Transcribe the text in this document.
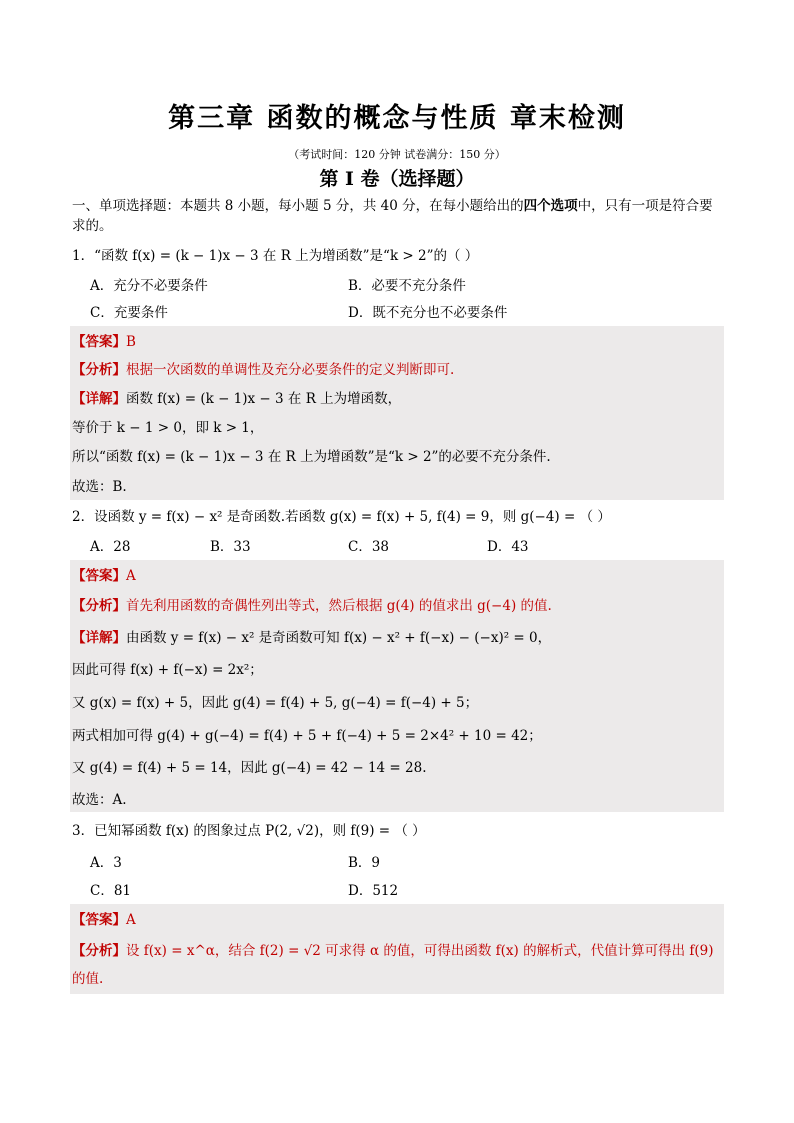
第三章 函数的概念与性质 章末检测
（考试时间：120 分钟 试卷满分：150 分）
第 I 卷（选择题）
一、单项选择题：本题共 8 小题，每小题 5 分，共 40 分，在每小题给出的四个选项中，只有一项是符合要求的。
1．“函数 f(x) = (k − 1)x − 3 在 R 上为增函数”是“k > 2”的（ ）
A．充分不必要条件	B．必要不充分条件
C．充要条件	D．既不充分也不必要条件
【答案】B
【分析】根据一次函数的单调性及充分必要条件的定义判断即可.
【详解】函数 f(x) = (k − 1)x − 3 在 R 上为增函数，
等价于 k − 1 > 0，即 k > 1，
所以“函数 f(x) = (k − 1)x − 3 在 R 上为增函数”是“k > 2”的必要不充分条件.
故选：B.
2．设函数 y = f(x) − x² 是奇函数.若函数 g(x) = f(x) + 5, f(4) = 9，则 g(−4) = （ ）
A．28	B．33	C．38	D．43
【答案】A
【分析】首先利用函数的奇偶性列出等式，然后根据 g(4) 的值求出 g(−4) 的值.
【详解】由函数 y = f(x) − x² 是奇函数可知 f(x) − x² + f(−x) − (−x)² = 0，
因此可得 f(x) + f(−x) = 2x²；
又 g(x) = f(x) + 5，因此 g(4) = f(4) + 5, g(−4) = f(−4) + 5；
两式相加可得 g(4) + g(−4) = f(4) + 5 + f(−4) + 5 = 2×4² + 10 = 42；
又 g(4) = f(4) + 5 = 14，因此 g(−4) = 42 − 14 = 28.
故选：A.
3．已知幂函数 f(x) 的图象过点 P(2, √2)，则 f(9) = （ ）
A．3	B．9
C．81	D．512
【答案】A
【分析】设 f(x) = x^α，结合 f(2) = √2 可求得 α 的值，可得出函数 f(x) 的解析式，代值计算可得出 f(9) 的值.
